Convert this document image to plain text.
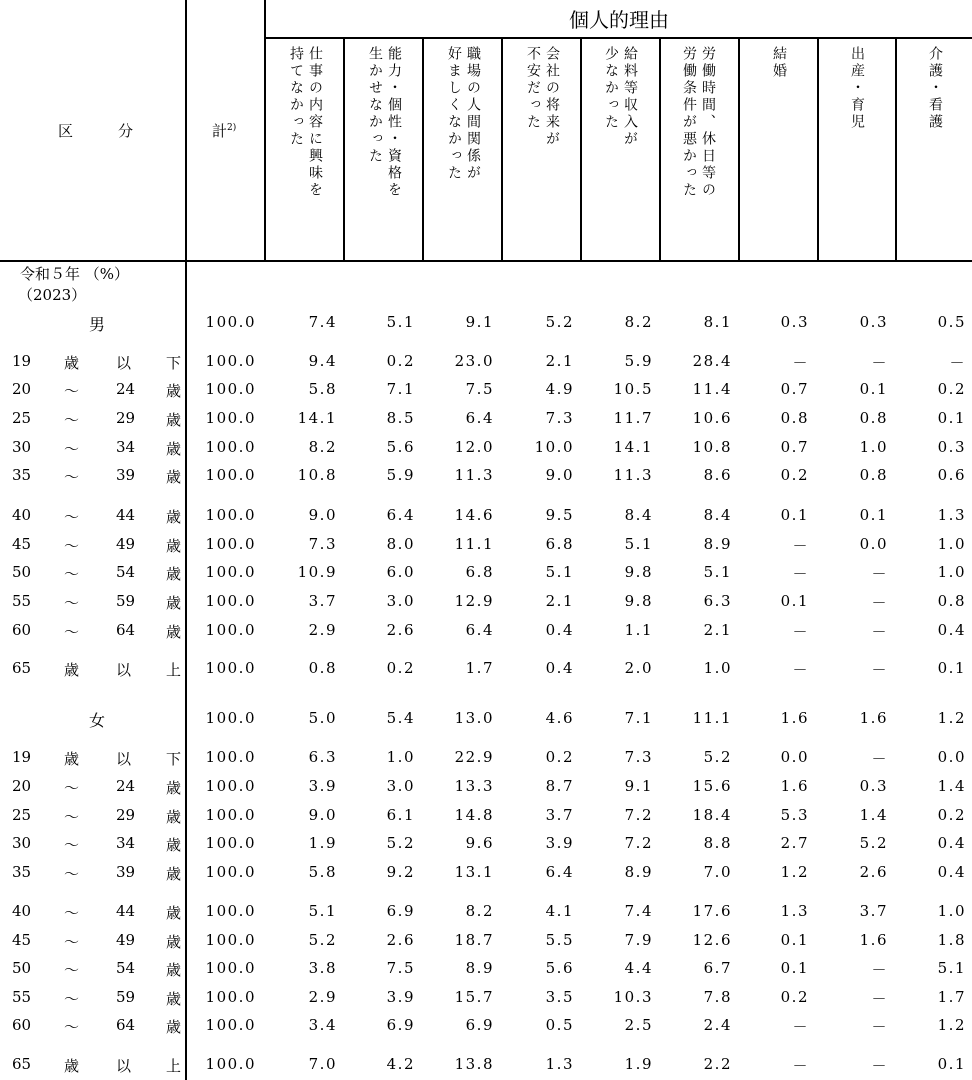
個人的理由
区	分	計$^{2)}$	持てなかった 仕事の内容に興味を	生かせなかった 能力・個性・資格を	好ましくなかった 職場の人間関係が	不安だった 会社の将来が	少なかった 給料等収入が	労働条件が悪かった 労働時間、休日等の	結婚	出産・育児	介護・看護
令和５年 （%）
（2023）
男	100.0	7.4	5.1	9.1	5.2	8.2	8.1	0.3	0.3	0.5
19 歳 以 下 100.0	9.4	0.2	23.0	2.1	5.9	28.4	－	－	－
20 ～ 24 歳 100.0	5.8	7.1	7.5	4.9	10.5	11.4	0.7	0.1	0.2
25 ～ 29 歳 100.0	14.1	8.5	6.4	7.3	11.7	10.6	0.8	0.8	0.1
30 ～ 34 歳 100.0	8.2	5.6	12.0	10.0	14.1	10.8	0.7	1.0	0.3
35 ～ 39 歳 100.0	10.8	5.9	11.3	9.0	11.3	8.6	0.2	0.8	0.6
40 ～ 44 歳 100.0	9.0	6.4	14.6	9.5	8.4	8.4	0.1	0.1	1.3
45 ～ 49 歳 100.0	7.3	8.0	11.1	6.8	5.1	8.9	－	0.0	1.0
50 ～ 54 歳 100.0	10.9	6.0	6.8	5.1	9.8	5.1	－	－	1.0
55 ～ 59 歳 100.0	3.7	3.0	12.9	2.1	9.8	6.3	0.1	－	0.8
60 ～ 64 歳 100.0	2.9	2.6	6.4	0.4	1.1	2.1	－	－	0.4
65 歳 以 上 100.0	0.8	0.2	1.7	0.4	2.0	1.0	－	－	0.1
女	100.0	5.0	5.4	13.0	4.6	7.1	11.1	1.6	1.6	1.2
19 歳 以 下 100.0	6.3	1.0	22.9	0.2	7.3	5.2	0.0	－	0.0
20 ～ 24 歳 100.0	3.9	3.0	13.3	8.7	9.1	15.6	1.6	0.3	1.4
25 ～ 29 歳 100.0	9.0	6.1	14.8	3.7	7.2	18.4	5.3	1.4	0.2
30 ～ 34 歳 100.0	1.9	5.2	9.6	3.9	7.2	8.8	2.7	5.2	0.4
35 ～ 39 歳 100.0	5.8	9.2	13.1	6.4	8.9	7.0	1.2	2.6	0.4
40 ～ 44 歳 100.0	5.1	6.9	8.2	4.1	7.4	17.6	1.3	3.7	1.0
45 ～ 49 歳 100.0	5.2	2.6	18.7	5.5	7.9	12.6	0.1	1.6	1.8
50 ～ 54 歳 100.0	3.8	7.5	8.9	5.6	4.4	6.7	0.1	－	5.1
55 ～ 59 歳 100.0	2.9	3.9	15.7	3.5	10.3	7.8	0.2	－	1.7
60 ～ 64 歳 100.0	3.4	6.9	6.9	0.5	2.5	2.4	－	－	1.2
65 歳 以 上 100.0	7.0	4.2	13.8	1.3	1.9	2.2	－	－	0.1
